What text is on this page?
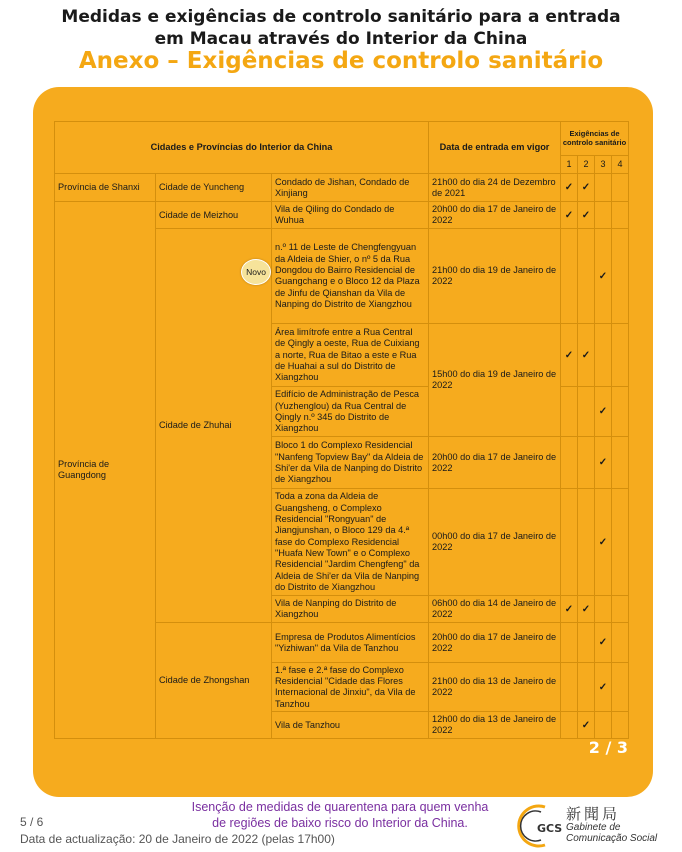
Medidas e exigências de controlo sanitário para a entrada
em Macau através do Interior da China
Anexo – Exigências de controlo sanitário
Cidades e Províncias do Interior da China			Data de entrada em vigor	Exigências de controlo sanitário			
				1	2	3	4
Província de Shanxi	Cidade de Yuncheng	Condado de Jishan, Condado de Xinjiang	21h00 do dia 24 de Dezembro de 2021	✓	✓		
Província de Guangdong	Cidade de Meizhou	Vila de Qiling do Condado de Wuhua	20h00 do dia 17 de Janeiro de 2022	✓	✓		
	Cidade de Zhuhai	n.º 11 de Leste de Chengfengyuan da Aldeia de Shier, o nº 5 da Rua Dongdou do Bairro Residencial de Guangchang e o Bloco 12 da Plaza de Jinfu de Qianshan da Vila de Nanping do Distrito de Xiangzhou	21h00 do dia 19 de Janeiro de 2022			✓	
		Área limítrofe entre a Rua Central de Qingly a oeste, Rua de Cuixiang a norte, Rua de Bitao a este e Rua de Huahai a sul do Distrito de Xiangzhou	15h00 do dia 19 de Janeiro de 2022	✓	✓		
		Edifício de Administração de Pesca (Yuzhenglou) da Rua Central de Qingly n.º 345 do Distrito de Xiangzhou				✓	
		Bloco 1 do Complexo Residencial "Nanfeng Topview Bay" da Aldeia de Shi'er da Vila de Nanping do Distrito de Xiangzhou	20h00 do dia 17 de Janeiro de 2022			✓	
		Toda a zona da Aldeia de Guangsheng, o Complexo Residencial "Rongyuan" de Jiangjunshan, o Bloco 129 da 4.ª fase do Complexo Residencial "Huafa New Town" e o Complexo Residencial "Jardim Chengfeng" da Aldeia de Shi'er da Vila de Nanping do Distrito de Xiangzhou	00h00 do dia 17 de Janeiro de 2022			✓	
		Vila de Nanping do Distrito de Xiangzhou	06h00 do dia 14 de Janeiro de 2022	✓	✓		
	Cidade de Zhongshan	Empresa de Produtos Alimentícios "Yizhiwan" da Vila de Tanzhou	20h00 do dia 17 de Janeiro de 2022			✓	
		1.ª fase e 2.ª fase do Complexo Residencial "Cidade das Flores Internacional de Jinxiu", da Vila de Tanzhou	21h00 do dia 13 de Janeiro de 2022			✓	
		Vila de Tanzhou	12h00 do dia 13 de Janeiro de 2022		✓		
Novo
2 / 3
Isenção de medidas de quarentena para quem venha
de regiões de baixo risco do Interior da China.
5 / 6
Data de actualização: 20 de Janeiro de 2022 (pelas 17h00)
GCS
新聞局
Gabinete de
Comunicação Social
